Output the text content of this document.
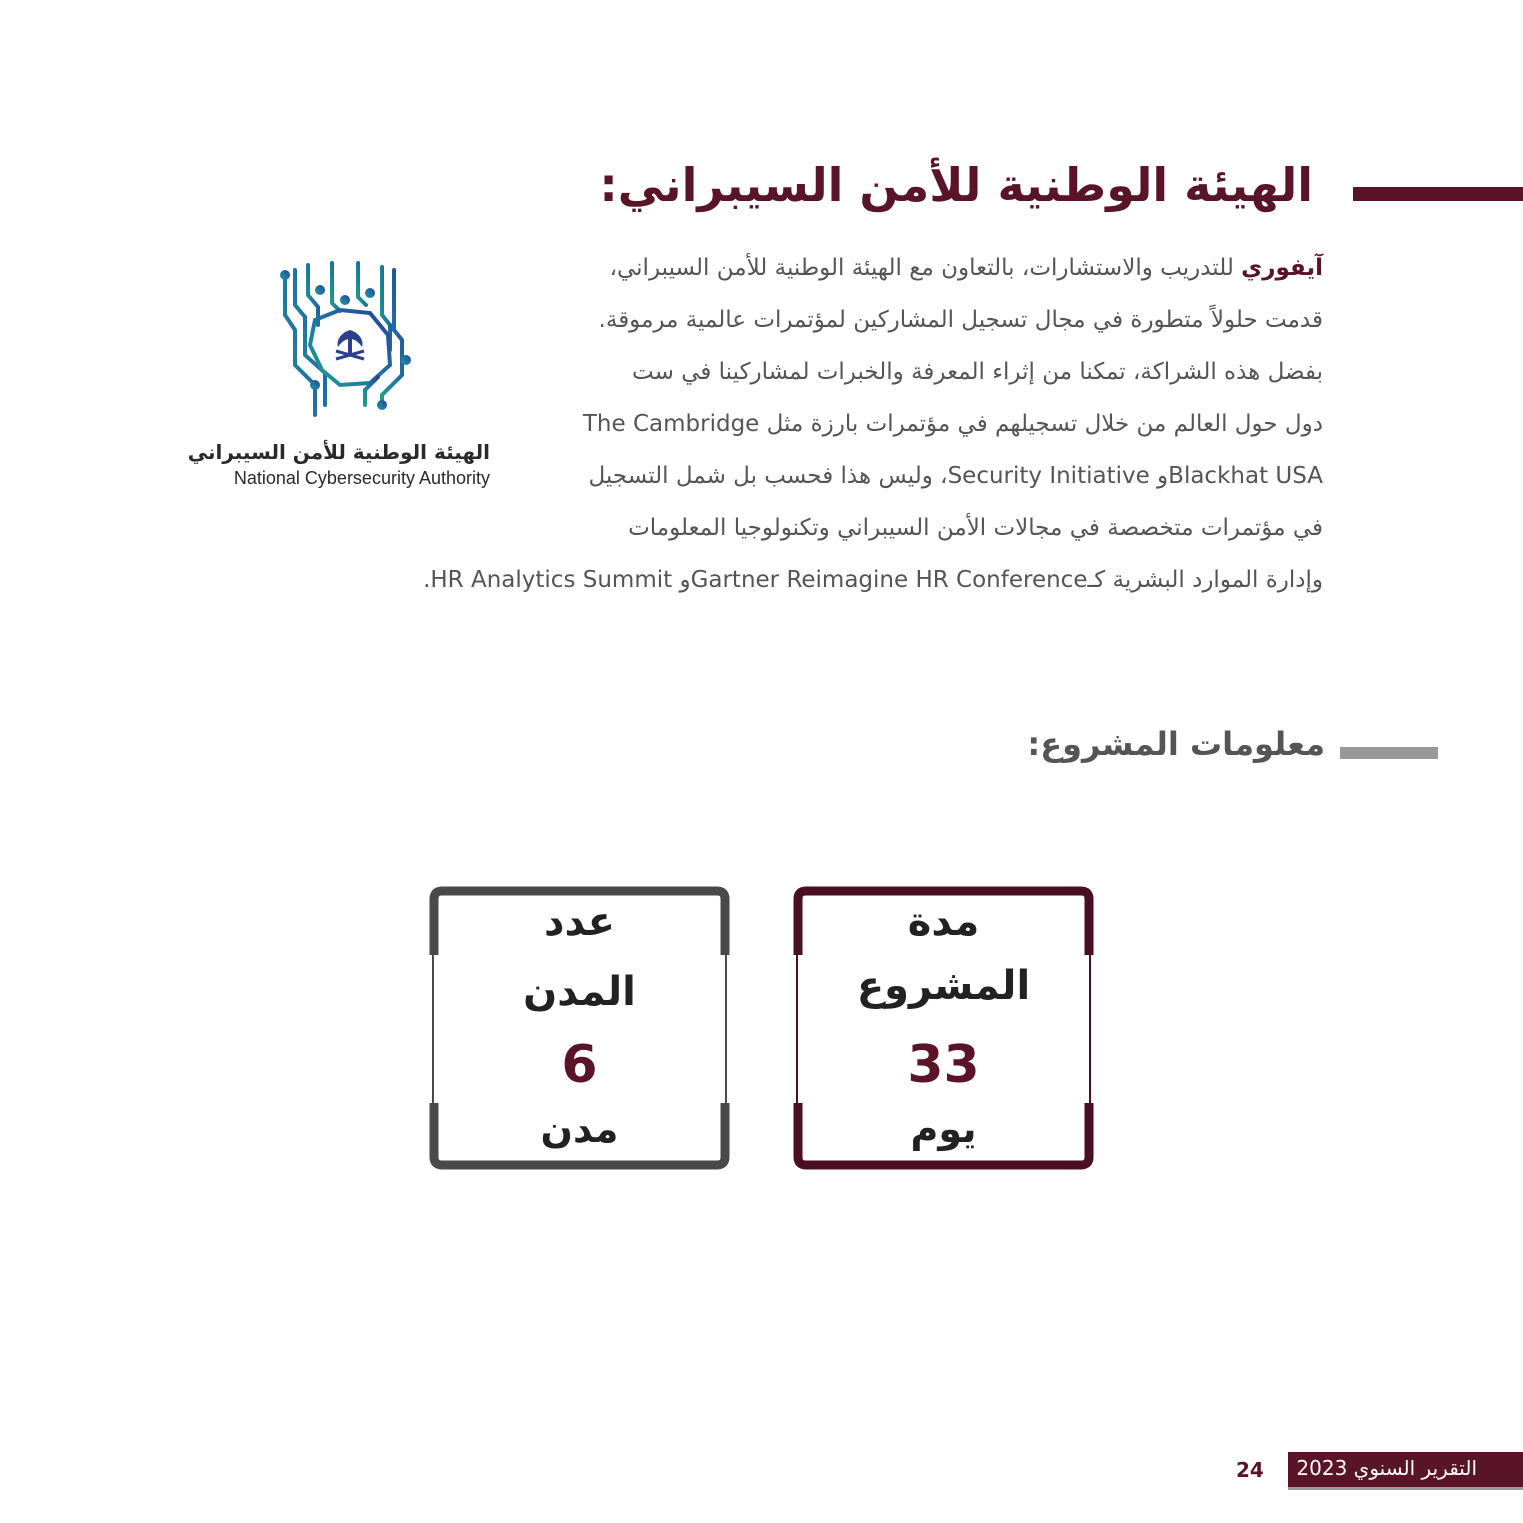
الهيئة الوطنية للأمن السيبراني:
آيفوري للتدريب والاستشارات، بالتعاون مع الهيئة الوطنية للأمن السيبراني،
قدمت حلولاً متطورة في مجال تسجيل المشاركين لمؤتمرات عالمية مرموقة.
بفضل هذه الشراكة، تمكنا من إثراء المعرفة والخبرات لمشاركينا في ست
دول حول العالم من خلال تسجيلهم في مؤتمرات بارزة مثل The Cambridge
Blackhat USAو Security Initiative، وليس هذا فحسب بل شمل التسجيل
في مؤتمرات متخصصة في مجالات الأمن السيبراني وتكنولوجيا المعلومات
وإدارة الموارد البشرية كـGartner Reimagine HR Conferenceو HR Analytics Summit.
الهيئة الوطنية للأمن السيبراني
National Cybersecurity Authority
معلومات المشروع:
مدة
المشروع
33
يوم
عدد
المدن
6
مدن
24 التقرير السنوي 2023
